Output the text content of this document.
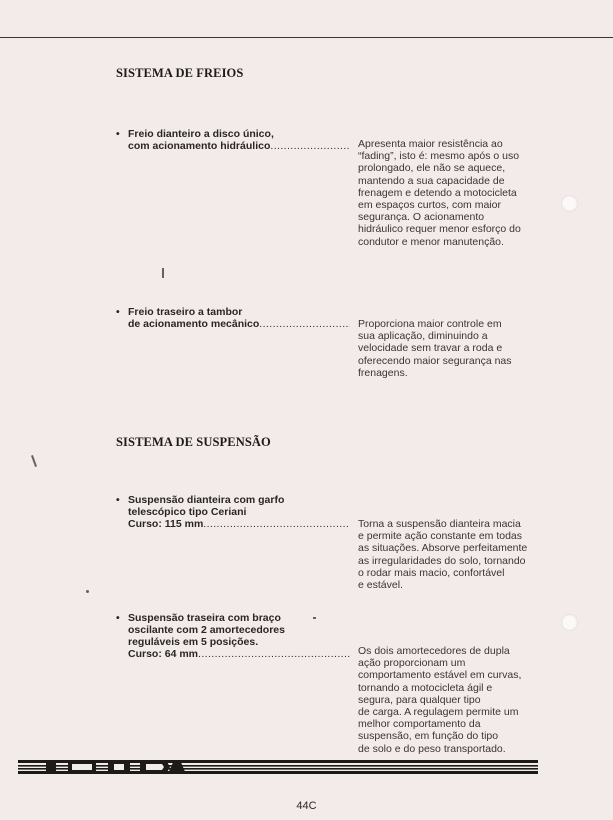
SISTEMA DE FREIOS
• Freio dianteiro a disco único,
com acionamento hidráulico .....	Apresenta maior resistência ao
“fading”, isto é: mesmo após o uso
prolongado, ele não se aquece,
mantendo a sua capacidade de
frenagem e detendo a motocicleta
em espaços curtos, com maior
segurança. O acionamento
hidráulico requer menor esforço do
condutor e menor manutenção.
• Freio traseiro a tambor
de acionamento mecânico .....	Proporciona maior controle em
sua aplicação, diminuindo a
velocidade sem travar a roda e
oferecendo maior segurança nas
frenagens.
SISTEMA DE SUSPENSÃO
• Suspensão dianteira com garfo
telescópico tipo Ceriani
Curso: 115 mm .....	Torna a suspensão dianteira macia
e permite ação constante em todas
as situações. Absorve perfeitamente
as irregularidades do solo, tornando
o rodar mais macio, confortável
e estável.
• Suspensão traseira com braço
oscilante com 2 amortecedores
reguláveis em 5 posições.
Curso: 64 mm .....	Os dois amortecedores de dupla
ação proporcionam um
comportamento estável em curvas,
tornando a motocicleta ágil e
segura, para qualquer tipo
de carga. A regulagem permite um
melhor comportamento da
suspensão, em função do tipo
de solo e do peso transportado.
44C
